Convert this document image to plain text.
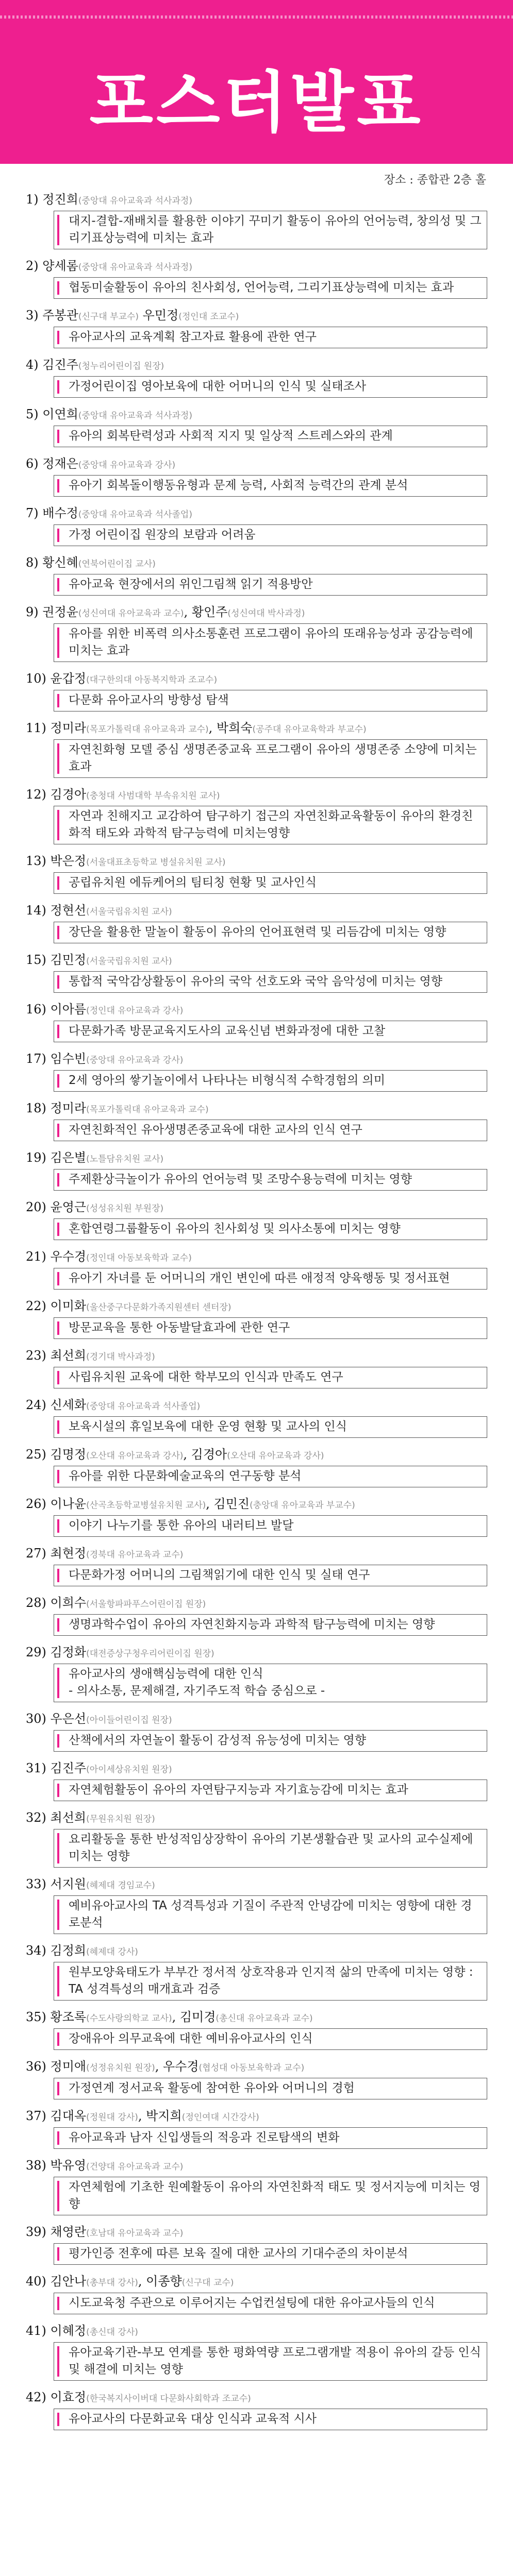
포스터발표
장소 : 종합관 2층 홀
1) 정진희(중앙대 유아교육과 석사과정)
대지-결합-재배치를 활용한 이야기 꾸미기 활동이 유아의 언어능력, 창의성 및 그리기표상능력에 미치는 효과
2) 양세롬(중앙대 유아교육과 석사과정)
협동미술활동이 유아의 친사회성, 언어능력, 그리기표상능력에 미치는 효과
3) 주봉관(신구대 부교수) 우민정(정인대 조교수)
유아교사의 교육계획 참고자료 활용에 관한 연구
4) 김진주(청누리어린이집 원장)
가정어린이집 영아보육에 대한 어머니의 인식 및 실태조사
5) 이연희(중앙대 유아교육과 석사과정)
유아의 회복탄력성과 사회적 지지 및 일상적 스트레스와의 관계
6) 정재은(중앙대 유아교육과 강사)
유아기 회복돌이행동유형과 문제 능력, 사회적 능력간의 관계 분석
7) 배수정(중앙대 유아교육과 석사졸업)
가정 어린이집 원장의 보람과 어려움
8) 황신혜(연북어린이집 교사)
유아교육 현장에서의 위인그림책 읽기 적용방안
9) 권정윤(성신여대 유아교육과 교수), 황인주(성신여대 박사과정)
유아를 위한 비폭력 의사소통훈련 프로그램이 유아의 또래유능성과 공감능력에 미치는 효과
10) 윤갑정(대구한의대 아동복지학과 조교수)
다문화 유아교사의 방향성 탐색
11) 정미라(목포가톨릭대 유아교육과 교수), 박희숙(공주대 유아교육학과 부교수)
자연친화형 모델 중심 생명존중교육 프로그램이 유아의 생명존중 소양에 미치는 효과
12) 김경아(충청대 사범대학 부속유치원 교사)
자연과 친해지고 교감하여 탐구하기 접근의 자연친화교육활동이 유아의 환경친화적 태도와 과학적 탐구능력에 미치는영향
13) 박은정(서울대표초등학교 병설유치원 교사)
공립유치원 에듀케어의 팀티칭 현황 및 교사인식
14) 정현선(서울국립유치원 교사)
장단을 활용한 말놀이 활동이 유아의 언어표현력 및 리듬감에 미치는 영향
15) 김민정(서울국립유치원 교사)
통합적 국악감상활동이 유아의 국악 선호도와 국악 음악성에 미치는 영향
16) 이아름(정인대 유아교육과 강사)
다문화가족 방문교육지도사의 교육신념 변화과정에 대한 고찰
17) 임수빈(중앙대 유아교육과 강사)
2세 영아의 쌓기놀이에서 나타나는 비형식적 수학경험의 의미
18) 정미라(목포가톨릭대 유아교육과 교수)
자연친화적인 유아생명존중교육에 대한 교사의 인식 연구
19) 김은별(노틀담유치원 교사)
주제환상극놀이가 유아의 언어능력 및 조망수용능력에 미치는 영향
20) 윤영근(성성유치원 부원장)
혼합연령그룹활동이 유아의 친사회성 및 의사소통에 미치는 영향
21) 우수경(정인대 아동보육학과 교수)
유아기 자녀를 둔 어머니의 개인 변인에 따른 애정적 양육행동 및 정서표현
22) 이미화(울산중구다문화가족지원센터 센터장)
방문교육을 통한 아동발달효과에 관한 연구
23) 최선희(경기대 박사과정)
사립유치원 교육에 대한 학부모의 인식과 만족도 연구
24) 신세화(중앙대 유아교육과 석사졸업)
보육시설의 휴일보육에 대한 운영 현황 및 교사의 인식
25) 김명정(오산대 유아교육과 강사), 김경아(오산대 유아교육과 강사)
유아를 위한 다문화예술교육의 연구동향 분석
26) 이나윤(산곡초등학교병설유치원 교사), 김민진(충앙대 유아교육과 부교수)
이야기 나누기를 통한 유아의 내러티브 발달
27) 최현정(경북대 유아교육과 교수)
다문화가정 어머니의 그림책읽기에 대한 인식 및 실태 연구
28) 이희수(서울항파파푸스어린이집 원장)
생명과학수업이 유아의 자연친화지능과 과학적 탐구능력에 미치는 영향
29) 김정화(대전증상구청우리어린이집 원장)
유아교사의 생애핵심능력에 대한 인식
- 의사소통, 문제해결, 자기주도적 학습 중심으로 -
30) 우은선(아이들어린이집 원장)
산책에서의 자연놀이 활동이 감성적 유능성에 미치는 영향
31) 김진주(아이세상유치원 원장)
자연체험활동이 유아의 자연탐구지능과 자기효능감에 미치는 효과
32) 최선희(무원유치원 원장)
요리활동을 통한 반성적임상장학이 유아의 기본생활습관 및 교사의 교수실제에 미치는 영향
33) 서지원(혜제대 경임교수)
예비유아교사의 TA 성격특성과 기질이 주관적 안녕감에 미치는 영향에 대한 경로분석
34) 김정희(혜제대 강사)
원부모양육태도가 부부간 정서적 상호작용과 인지적 삶의 만족에 미치는 영향 : TA 성격특성의 매개효과 검증
35) 황조록(수도사랑의학교 교사), 김미경(총신대 유아교육과 교수)
장애유아 의무교육에 대한 예비유아교사의 인식
36) 정미애(성정유치원 원장), 우수경(협성대 아동보육학과 교수)
가정연계 정서교육 활동에 참여한 유아와 어머니의 경험
37) 김대옥(정원대 강사), 박지희(정인여대 시간강사)
유아교육과 남자 신입생들의 적응과 진로탐색의 변화
38) 박유영(건양대 유아교육과 교수)
자연체험에 기초한 원예활동이 유아의 자연친화적 태도 및 정서지능에 미치는 영향
39) 채영란(호남대 유아교육과 교수)
평가인증 전후에 따른 보육 질에 대한 교사의 기대수준의 차이분석
40) 김안나(총부대 강사), 이종향(신구대 교수)
시도교육청 주관으로 이루어지는 수업컨설팅에 대한 유아교사들의 인식
41) 이혜정(총신대 강사)
유아교육기관-부모 연계를 통한 평화역량 프로그램개발 적용이 유아의 갈등 인식 및 해결에 미치는 영향
42) 이효정(한국복지사이버대 다문화사회학과 조교수)
유아교사의 다문화교육 대상 인식과 교육적 시사
